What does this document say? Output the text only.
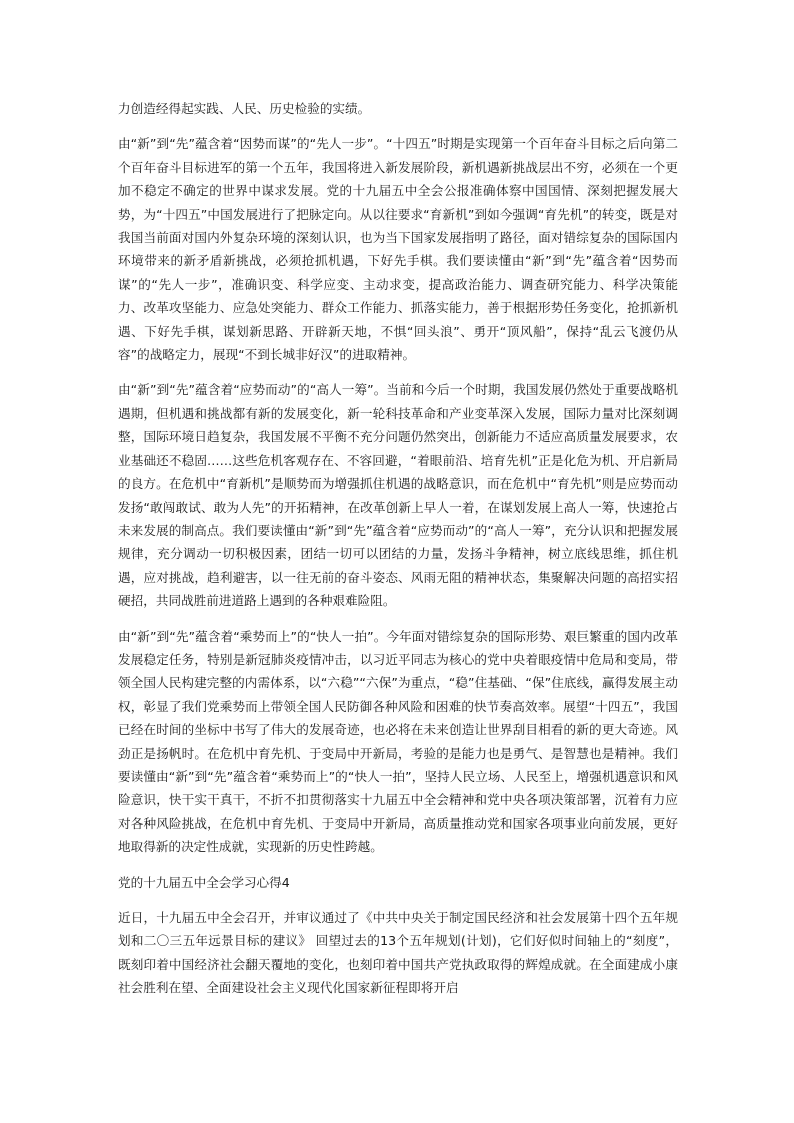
力创造经得起实践、人民、历史检验的实绩。

由“新”到“先”蕴含着“因势而谋”的“先人一步”。“十四五”时期是实现第一个百年奋斗目标之后向第二个百年奋斗目标进军的第一个五年，我国将进入新发展阶段，新机遇新挑战层出不穷，必须在一个更加不稳定不确定的世界中谋求发展。党的十九届五中全会公报准确体察中国国情、深刻把握发展大势，为“十四五”中国发展进行了把脉定向。从以往要求“育新机”到如今强调“育先机”的转变，既是对我国当前面对国内外复杂环境的深刻认识，也为当下国家发展指明了路径，面对错综复杂的国际国内环境带来的新矛盾新挑战，必须抢抓机遇，下好先手棋。我们要读懂由“新”到“先”蕴含着“因势而谋”的“先人一步”，准确识变、科学应变、主动求变，提高政治能力、调查研究能力、科学决策能力、改革攻坚能力、应急处突能力、群众工作能力、抓落实能力，善于根据形势任务变化，抢抓新机遇、下好先手棋，谋划新思路、开辟新天地，不惧“回头浪”、勇开“顶风船”，保持“乱云飞渡仍从容”的战略定力，展现“不到长城非好汉”的进取精神。

由“新”到“先”蕴含着“应势而动”的“高人一筹”。当前和今后一个时期，我国发展仍然处于重要战略机遇期，但机遇和挑战都有新的发展变化，新一轮科技革命和产业变革深入发展，国际力量对比深刻调整，国际环境日趋复杂，我国发展不平衡不充分问题仍然突出，创新能力不适应高质量发展要求，农业基础还不稳固……这些危机客观存在、不容回避，“着眼前沿、培育先机”正是化危为机、开启新局的良方。在危机中“育新机”是顺势而为增强抓住机遇的战略意识，而在危机中“育先机”则是应势而动发扬“敢闯敢试、敢为人先”的开拓精神，在改革创新上早人一着，在谋划发展上高人一筹，快速抢占未来发展的制高点。我们要读懂由“新”到“先”蕴含着“应势而动”的“高人一筹”，充分认识和把握发展规律，充分调动一切积极因素，团结一切可以团结的力量，发扬斗争精神，树立底线思维，抓住机遇，应对挑战，趋利避害，以一往无前的奋斗姿态、风雨无阻的精神状态，集聚解决问题的高招实招硬招，共同战胜前进道路上遇到的各种艰难险阻。

由“新”到“先”蕴含着“乘势而上”的“快人一拍”。今年面对错综复杂的国际形势、艰巨繁重的国内改革发展稳定任务，特别是新冠肺炎疫情冲击，以习近平同志为核心的党中央着眼疫情中危局和变局，带领全国人民构建完整的内需体系，以“六稳”“六保”为重点，“稳”住基础、“保”住底线，赢得发展主动权，彰显了我们党乘势而上带领全国人民防御各种风险和困难的快节奏高效率。展望“十四五”，我国已经在时间的坐标中书写了伟大的发展奇迹，也必将在未来创造让世界刮目相看的新的更大奇迹。风劲正是扬帆时。在危机中育先机、于变局中开新局，考验的是能力也是勇气、是智慧也是精神。我们要读懂由“新”到“先”蕴含着“乘势而上”的“快人一拍”，坚持人民立场、人民至上，增强机遇意识和风险意识，快干实干真干，不折不扣贯彻落实十九届五中全会精神和党中央各项决策部署，沉着有力应对各种风险挑战，在危机中育先机、于变局中开新局，高质量推动党和国家各项事业向前发展，更好地取得新的决定性成就，实现新的历史性跨越。

党的十九届五中全会学习心得4

近日，十九届五中全会召开，并审议通过了《中共中央关于制定国民经济和社会发展第十四个五年规划和二〇三五年远景目标的建议》 回望过去的13个五年规划(计划)，它们好似时间轴上的“刻度”，既刻印着中国经济社会翻天覆地的变化，也刻印着中国共产党执政取得的辉煌成就。在全面建成小康社会胜利在望、全面建设社会主义现代化国家新征程即将开启
